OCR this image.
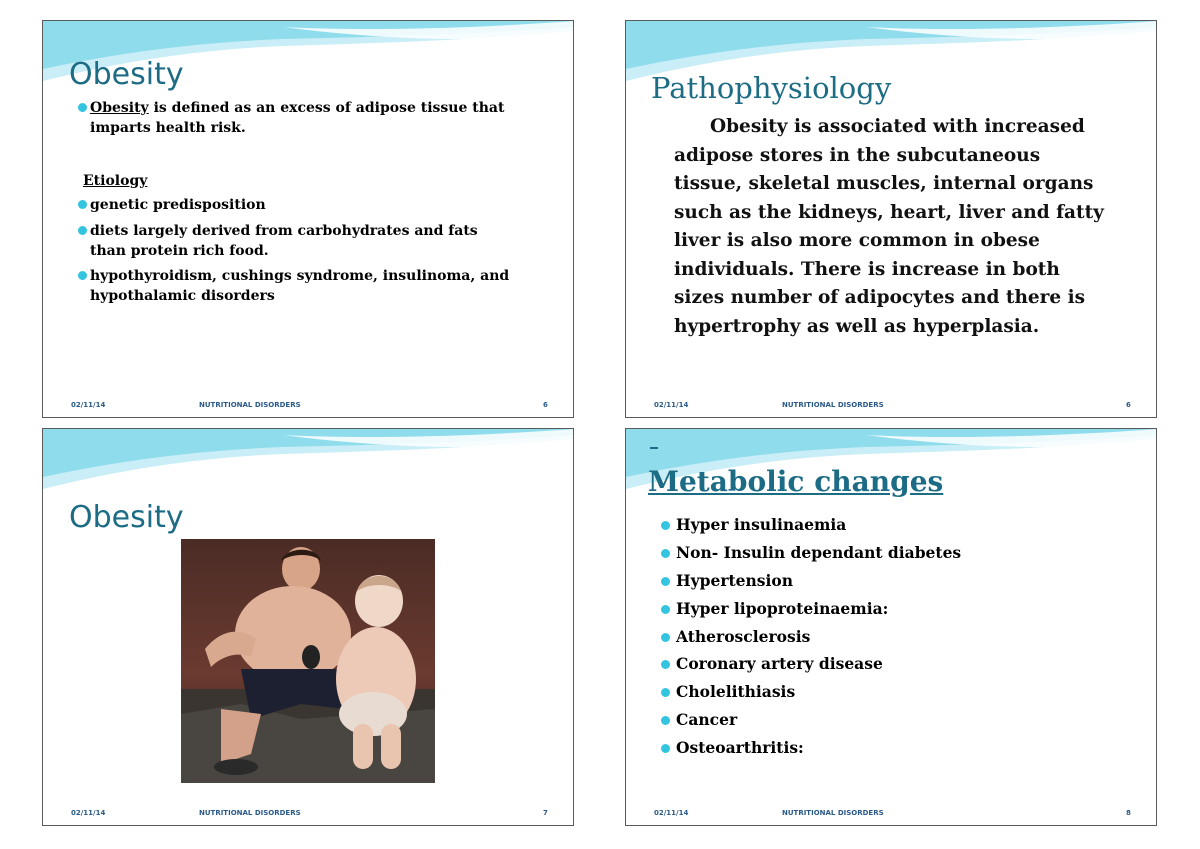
Obesity
Obesity is defined as an excess of adipose tissue that
imparts health risk.
Etiology
genetic predisposition
diets largely derived from carbohydrates and fats
than protein rich food.
hypothyroidism, cushings syndrome, insulinoma, and
hypothalamic disorders
02/11/14	NUTRITIONAL DISORDERS	6
Pathophysiology
Obesity is associated with increased
adipose stores in the subcutaneous
tissue, skeletal muscles, internal organs
such as the kidneys, heart, liver and fatty
liver is also more common in obese
individuals. There is increase in both
sizes number of adipocytes and there is
hypertrophy as well as hyperplasia.
02/11/14	NUTRITIONAL DISORDERS	6
Obesity
02/11/14	NUTRITIONAL DISORDERS	7
Metabolic changes
Hyper insulinaemia
Non- Insulin dependant diabetes
Hypertension
Hyper lipoproteinaemia:
Atherosclerosis
Coronary artery disease
Cholelithiasis
Cancer
Osteoarthritis:
02/11/14	NUTRITIONAL DISORDERS	8
